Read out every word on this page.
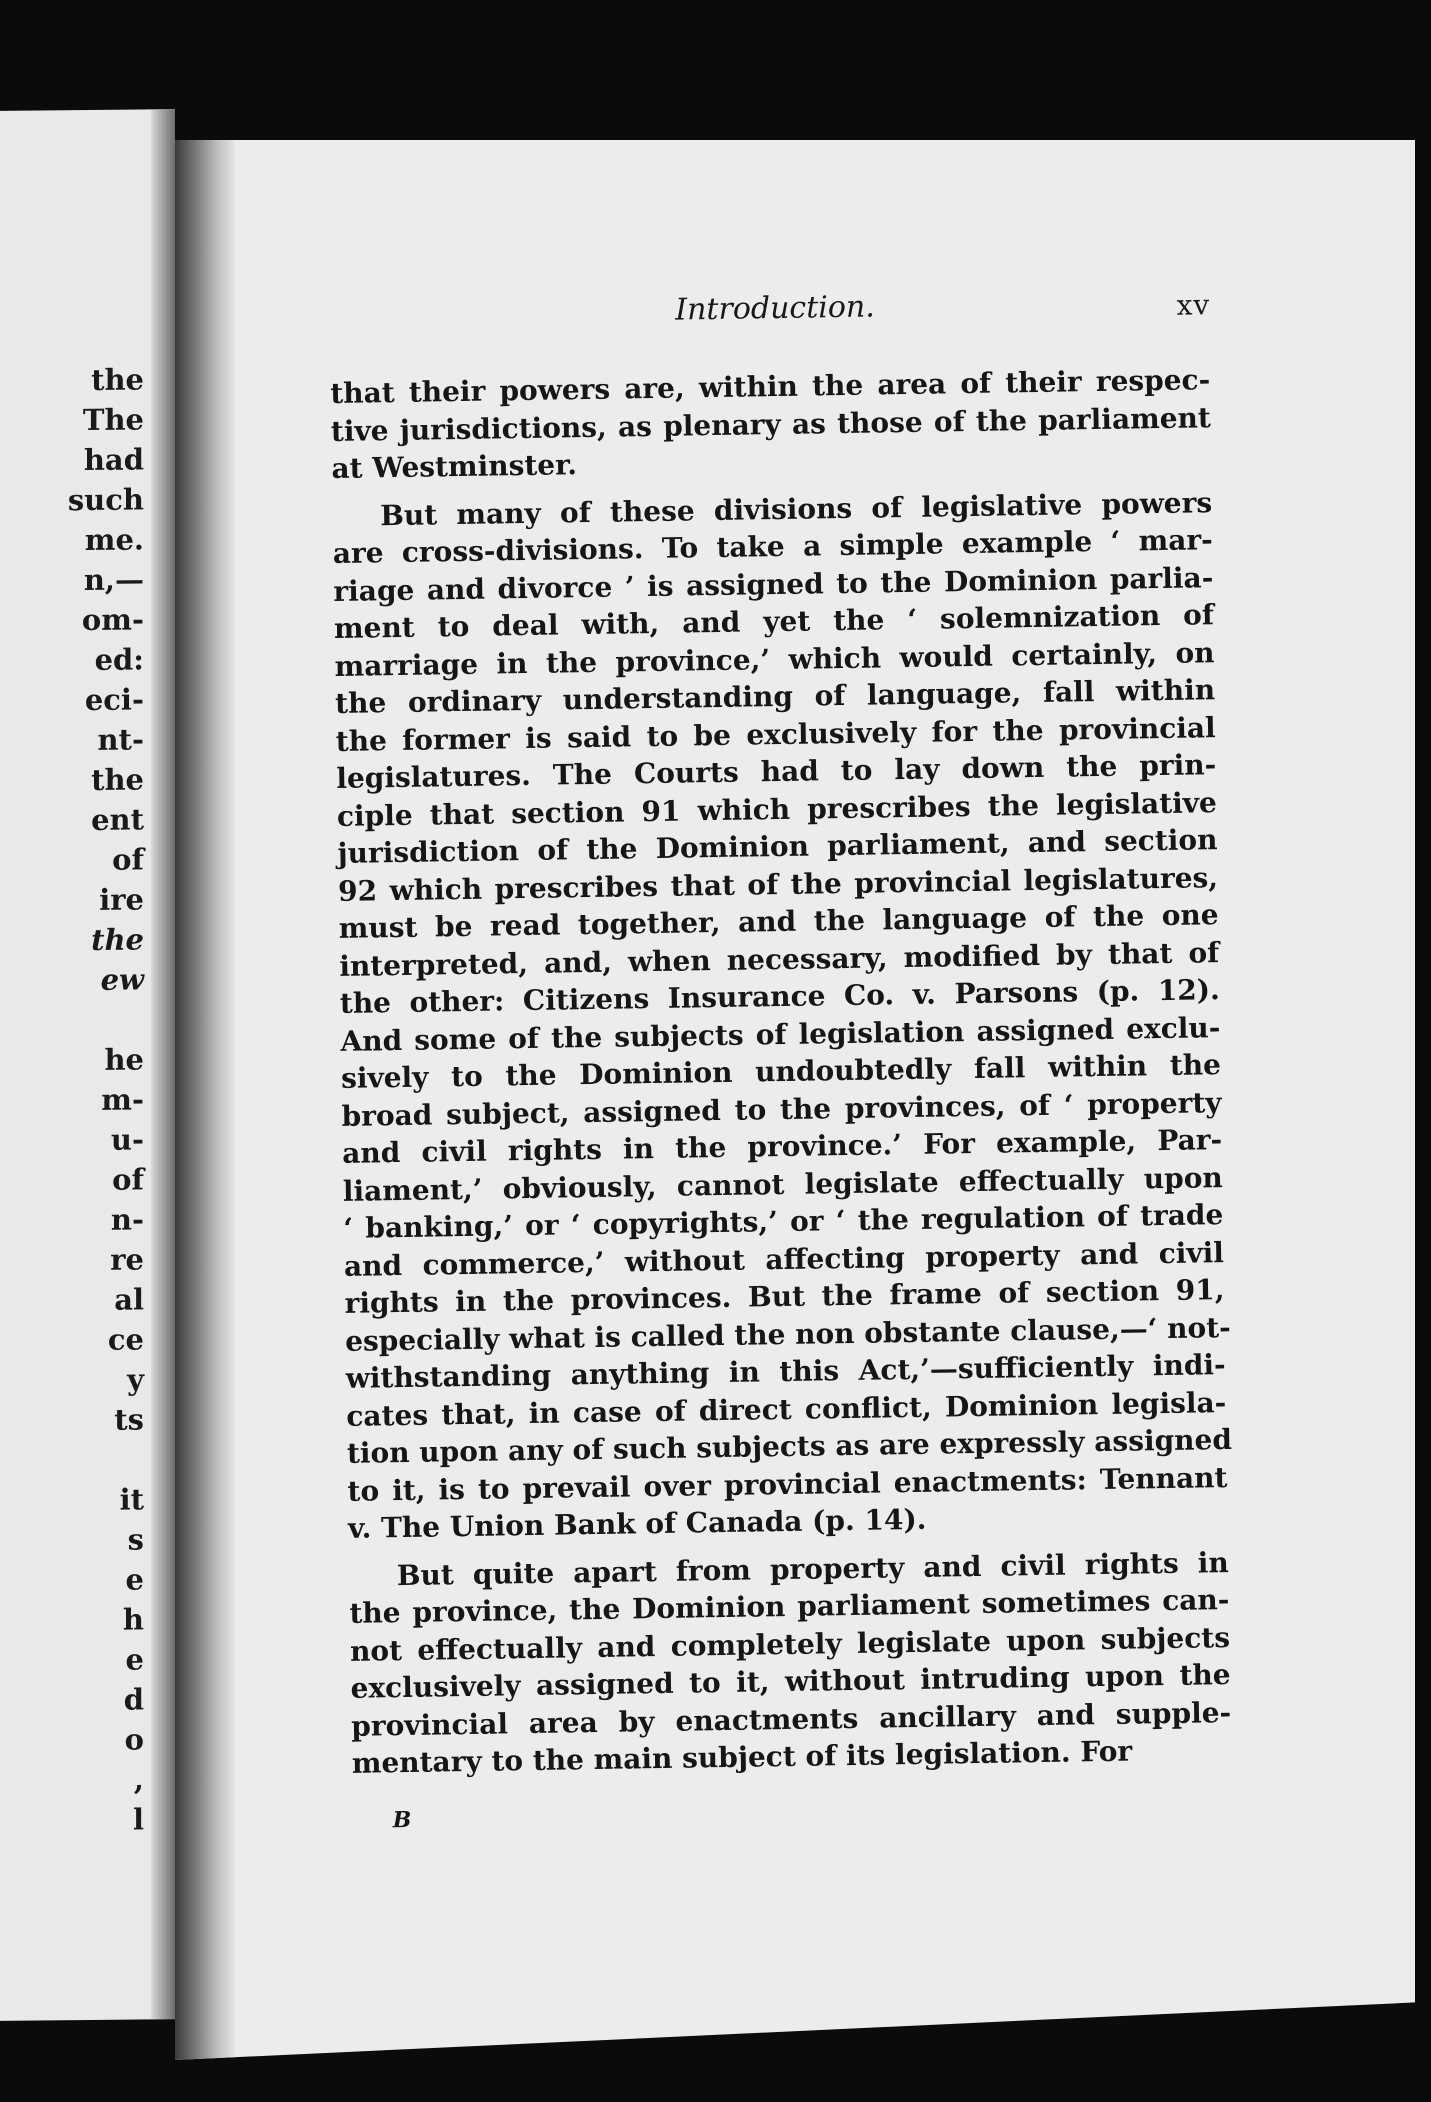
the
The
had
such
me.
n,—
om-
ed:
eci-
nt-
the
ent
of
ire
the
ew
he
m-
u-
of
n-
re
al
ce
y
ts
it
s
e
h
e
d
o
,
l
Introduction.	xv
that their powers are, within the area of their respec-
tive jurisdictions, as plenary as those of the parliament
at Westminster.
But many of these divisions of legislative powers
are cross-divisions. To take a simple example ‘ mar-
riage and divorce ’ is assigned to the Dominion parlia-
ment to deal with, and yet the ‘ solemnization of
marriage in the province,’ which would certainly, on
the ordinary understanding of language, fall within
the former is said to be exclusively for the provincial
legislatures. The Courts had to lay down the prin-
ciple that section 91 which prescribes the legislative
jurisdiction of the Dominion parliament, and section
92 which prescribes that of the provincial legislatures,
must be read together, and the language of the one
interpreted, and, when necessary, modified by that of
the other: Citizens Insurance Co. v. Parsons (p. 12).
And some of the subjects of legislation assigned exclu-
sively to the Dominion undoubtedly fall within the
broad subject, assigned to the provinces, of ‘ property
and civil rights in the province.’ For example, Par-
liament,’ obviously, cannot legislate effectually upon
‘ banking,’ or ‘ copyrights,’ or ‘ the regulation of trade
and commerce,’ without affecting property and civil
rights in the provinces. But the frame of section 91,
especially what is called the non obstante clause,—‘ not-
withstanding anything in this Act,’—sufficiently indi-
cates that, in case of direct conflict, Dominion legisla-
tion upon any of such subjects as are expressly assigned
to it, is to prevail over provincial enactments: Tennant
v. The Union Bank of Canada (p. 14).
But quite apart from property and civil rights in
the province, the Dominion parliament sometimes can-
not effectually and completely legislate upon subjects
exclusively assigned to it, without intruding upon the
provincial area by enactments ancillary and supple-
mentary to the main subject of its legislation. For
B
